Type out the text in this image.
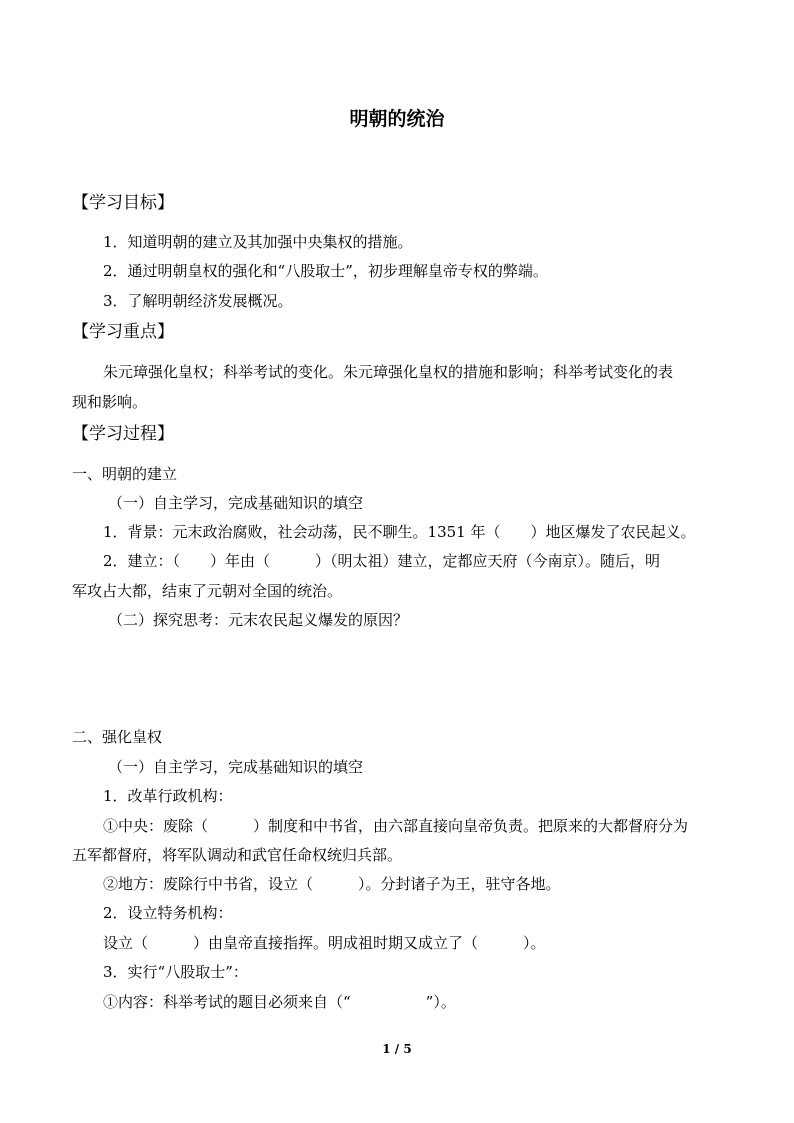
明朝的统治
【学习目标】
1．知道明朝的建立及其加强中央集权的措施。
2．通过明朝皇权的强化和“八股取士”，初步理解皇帝专权的弊端。
3．了解明朝经济发展概况。
【学习重点】
朱元璋强化皇权；科举考试的变化。朱元璋强化皇权的措施和影响；科举考试变化的表
现和影响。
【学习过程】
一、明朝的建立
（一）自主学习，完成基础知识的填空
1．背景：元末政治腐败，社会动荡，民不聊生。1351 年（　　）地区爆发了农民起义。
2．建立：（　　）年由（　　　）（明太祖）建立，定都应天府（今南京）。随后，明
军攻占大都，结束了元朝对全国的统治。
（二）探究思考：元末农民起义爆发的原因？
二、强化皇权
（一）自主学习，完成基础知识的填空
1．改革行政机构：
①中央：废除（　　　）制度和中书省，由六部直接向皇帝负责。把原来的大都督府分为
五军都督府，将军队调动和武官任命权统归兵部。
②地方：废除行中书省，设立（　　　）。分封诸子为王，驻守各地。
2．设立特务机构：
设立（　　　）由皇帝直接指挥。明成祖时期又成立了（　　　）。
3．实行“八股取士”：
①内容：科举考试的题目必须来自（“　　　　　”）。
1 / 5
